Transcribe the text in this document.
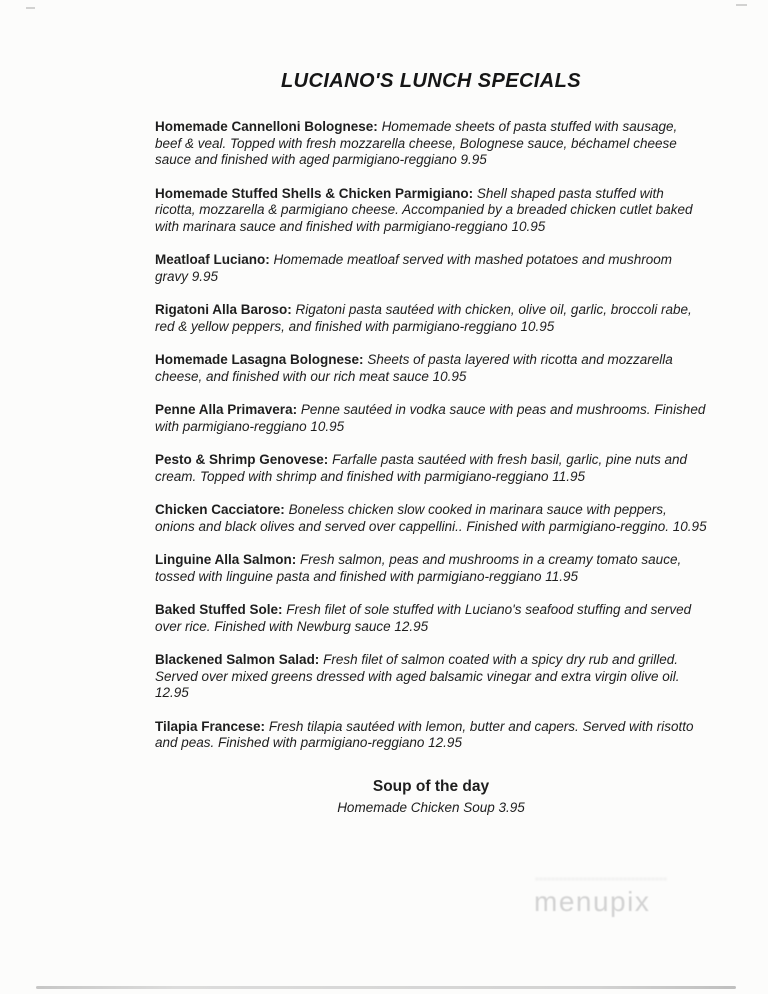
LUCIANO'S LUNCH SPECIALS

Homemade Cannelloni Bolognese: Homemade sheets of pasta stuffed with sausage, beef & veal. Topped with fresh mozzarella cheese, Bolognese sauce, béchamel cheese sauce and finished with aged parmigiano-reggiano 9.95

Homemade Stuffed Shells & Chicken Parmigiano: Shell shaped pasta stuffed with ricotta, mozzarella & parmigiano cheese. Accompanied by a breaded chicken cutlet baked with marinara sauce and finished with parmigiano-reggiano 10.95

Meatloaf Luciano: Homemade meatloaf served with mashed potatoes and mushroom gravy 9.95

Rigatoni Alla Baroso: Rigatoni pasta sautéed with chicken, olive oil, garlic, broccoli rabe, red & yellow peppers, and finished with parmigiano-reggiano 10.95

Homemade Lasagna Bolognese: Sheets of pasta layered with ricotta and mozzarella cheese, and finished with our rich meat sauce 10.95

Penne Alla Primavera: Penne sautéed in vodka sauce with peas and mushrooms. Finished with parmigiano-reggiano 10.95

Pesto & Shrimp Genovese: Farfalle pasta sautéed with fresh basil, garlic, pine nuts and cream. Topped with shrimp and finished with parmigiano-reggiano 11.95

Chicken Cacciatore: Boneless chicken slow cooked in marinara sauce with peppers, onions and black olives and served over cappellini.. Finished with parmigiano-reggino. 10.95

Linguine Alla Salmon: Fresh salmon, peas and mushrooms in a creamy tomato sauce, tossed with linguine pasta and finished with parmigiano-reggiano 11.95

Baked Stuffed Sole: Fresh filet of sole stuffed with Luciano's seafood stuffing and served over rice. Finished with Newburg sauce 12.95

Blackened Salmon Salad: Fresh filet of salmon coated with a spicy dry rub and grilled. Served over mixed greens dressed with aged balsamic vinegar and extra virgin olive oil. 12.95

Tilapia Francese: Fresh tilapia sautéed with lemon, butter and capers. Served with risotto and peas. Finished with parmigiano-reggiano 12.95

Soup of the day

Homemade Chicken Soup 3.95

menupix
